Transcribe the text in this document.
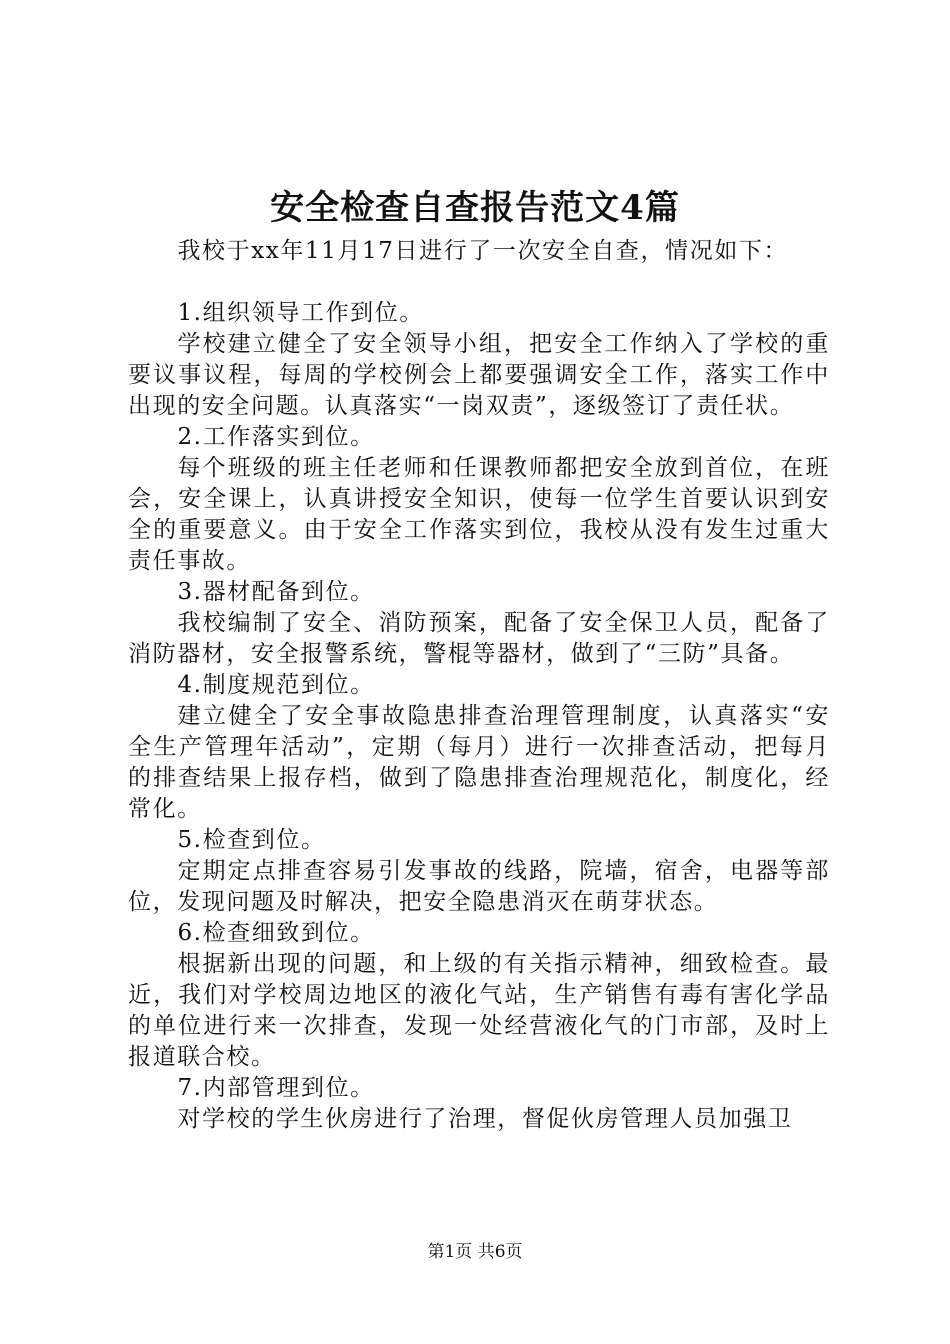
安全检查自查报告范文4篇

我校于xx年11月17日进行了一次安全自查，情况如下：

1.组织领导工作到位。

学校建立健全了安全领导小组，把安全工作纳入了学校的重要议事议程，每周的学校例会上都要强调安全工作，落实工作中出现的安全问题。认真落实“一岗双责”，逐级签订了责任状。

2.工作落实到位。

每个班级的班主任老师和任课教师都把安全放到首位，在班会，安全课上，认真讲授安全知识，使每一位学生首要认识到安全的重要意义。由于安全工作落实到位，我校从没有发生过重大责任事故。

3.器材配备到位。

我校编制了安全、消防预案，配备了安全保卫人员，配备了消防器材，安全报警系统，警棍等器材，做到了“三防”具备。

4.制度规范到位。

建立健全了安全事故隐患排查治理管理制度，认真落实“安全生产管理年活动”，定期（每月）进行一次排查活动，把每月的排查结果上报存档，做到了隐患排查治理规范化，制度化，经常化。

5.检查到位。

定期定点排查容易引发事故的线路，院墙，宿舍，电器等部位，发现问题及时解决，把安全隐患消灭在萌芽状态。

6.检查细致到位。

根据新出现的问题，和上级的有关指示精神，细致检查。最近，我们对学校周边地区的液化气站，生产销售有毒有害化学品的单位进行来一次排查，发现一处经营液化气的门市部，及时上报道联合校。

7.内部管理到位。

对学校的学生伙房进行了治理，督促伙房管理人员加强卫

第1页 共6页
